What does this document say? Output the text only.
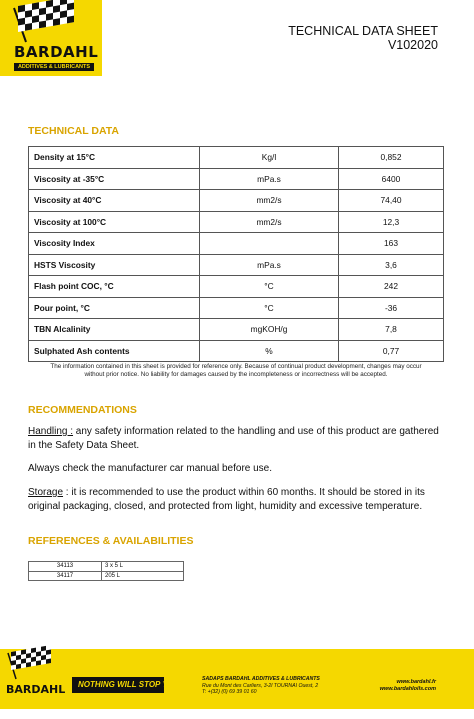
BARDAHL
ADDITIVES & LUBRICANTS
TECHNICAL DATA SHEET
V102020
TECHNICAL DATA
Density at 15°C	Kg/l	0,852
Viscosity at -35°C	mPa.s	6400
Viscosity at 40°C	mm2/s	74,40
Viscosity at 100°C	mm2/s	12,3
Viscosity Index		163
HSTS Viscosity	mPa.s	3,6
Flash point COC, °C	°C	242
Pour point, °C	°C	-36
TBN Alcalinity	mgKOH/g	7,8
Sulphated Ash contents	%	0,77
The information contained in this sheet is provided for reference only. Because of continual product development, changes may occur
without prior notice. No liability for damages caused by the incompleteness or incorrectness will be accepted.
RECOMMENDATIONS
Handling : any safety information related to the handling and use of this product are gathered in the Safety Data Sheet.
Always check the manufacturer car manual before use.
Storage : it is recommended to use the product within 60 months. It should be stored in its original packaging, closed, and protected from light, humidity and excessive temperature.
REFERENCES & AVAILABILITIES
34113	3 x 5 L
34117	205 L
BARDAHL	NOTHING WILL STOP YOU
SADAPS BARDAHL ADDITIVES & LUBRICANTS
Rue du Mont des Carliers, 3-2l TOURNAI Ouest, 2
T: +(32) (0) 69 39 01 60
www.bardahl.fr
www.bardahloils.com
